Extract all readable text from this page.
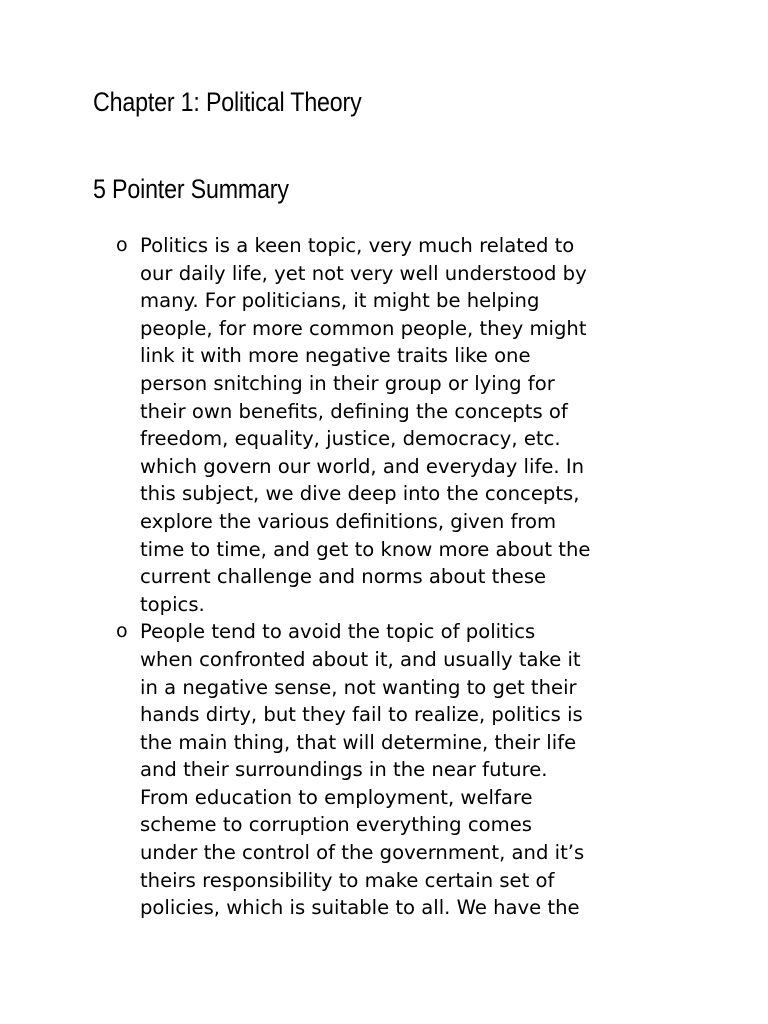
Chapter 1: Political Theory
5 Pointer Summary
o Politics is a keen topic, very much related to
our daily life, yet not very well understood by
many. For politicians, it might be helping
people, for more common people, they might
link it with more negative traits like one
person snitching in their group or lying for
their own benefits, defining the concepts of
freedom, equality, justice, democracy, etc.
which govern our world, and everyday life. In
this subject, we dive deep into the concepts,
explore the various definitions, given from
time to time, and get to know more about the
current challenge and norms about these
topics.
o People tend to avoid the topic of politics
when confronted about it, and usually take it
in a negative sense, not wanting to get their
hands dirty, but they fail to realize, politics is
the main thing, that will determine, their life
and their surroundings in the near future.
From education to employment, welfare
scheme to corruption everything comes
under the control of the government, and it’s
theirs responsibility to make certain set of
policies, which is suitable to all. We have the
